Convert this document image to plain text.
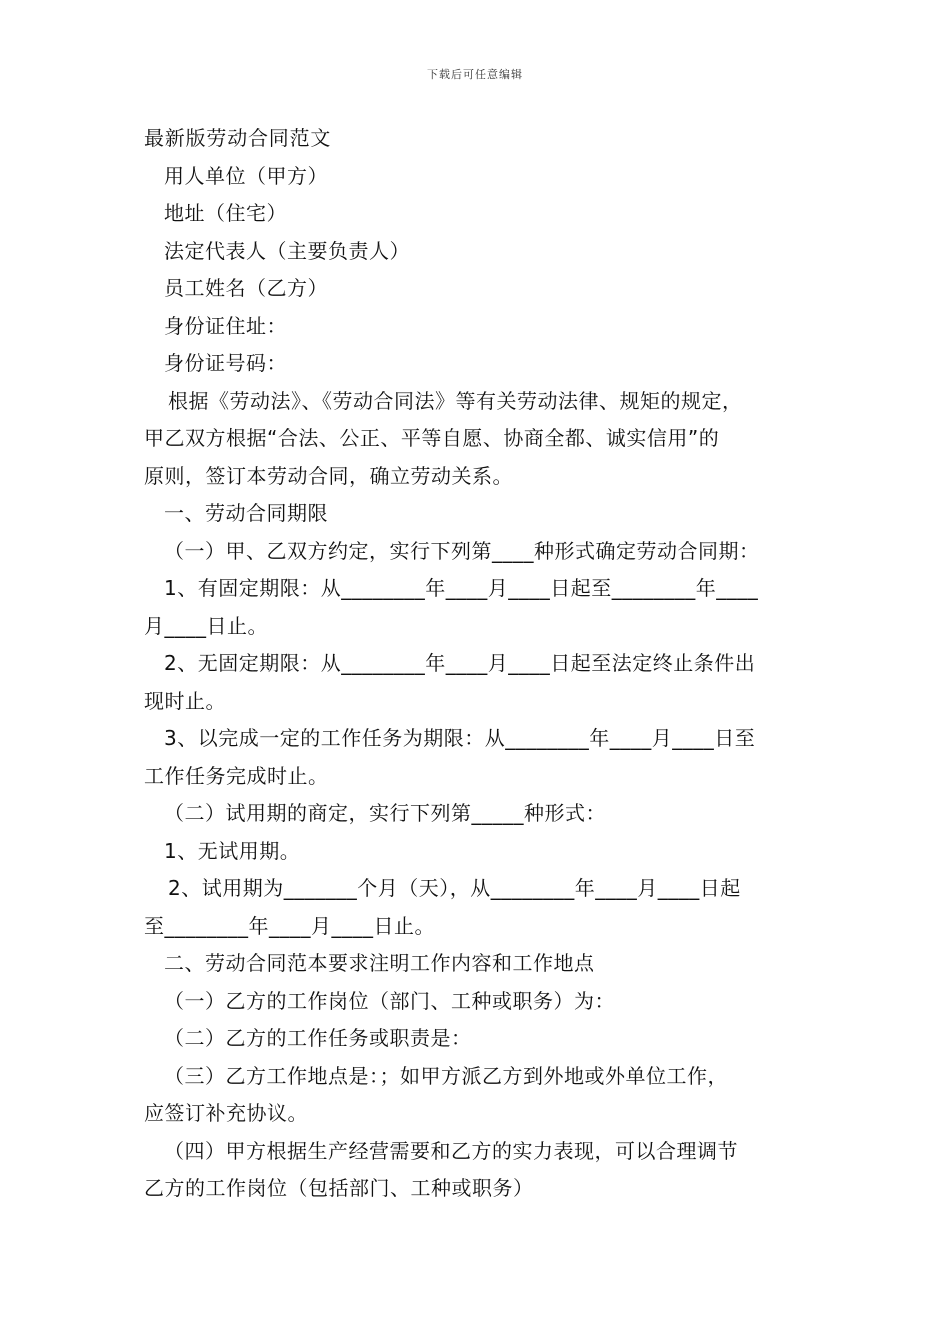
下载后可任意编辑
最新版劳动合同范文
用人单位（甲方）
地址（住宅）
法定代表人（主要负责人）
员工姓名（乙方）
身份证住址：
身份证号码：
根据《劳动法》、《劳动合同法》等有关劳动法律、规矩的规定，
甲乙双方根据“合法、公正、平等自愿、协商全都、诚实信用”的
原则，签订本劳动合同，确立劳动关系。
一、劳动合同期限
（一）甲、乙双方约定，实行下列第____种形式确定劳动合同期：
1、有固定期限：从________年____月____日起至________年____
月____日止。
2、无固定期限：从________年____月____日起至法定终止条件出
现时止。
3、以完成一定的工作任务为期限：从________年____月____日至
工作任务完成时止。
（二）试用期的商定，实行下列第_____种形式：
1、无试用期。
2、试用期为_______个月（天），从________年____月____日起
至________年____月____日止。
二、劳动合同范本要求注明工作内容和工作地点
（一）乙方的工作岗位（部门、工种或职务）为：
（二）乙方的工作任务或职责是：
（三）乙方工作地点是：；如甲方派乙方到外地或外单位工作，
应签订补充协议。
（四）甲方根据生产经营需要和乙方的实力表现，可以合理调节
乙方的工作岗位（包括部门、工种或职务）
